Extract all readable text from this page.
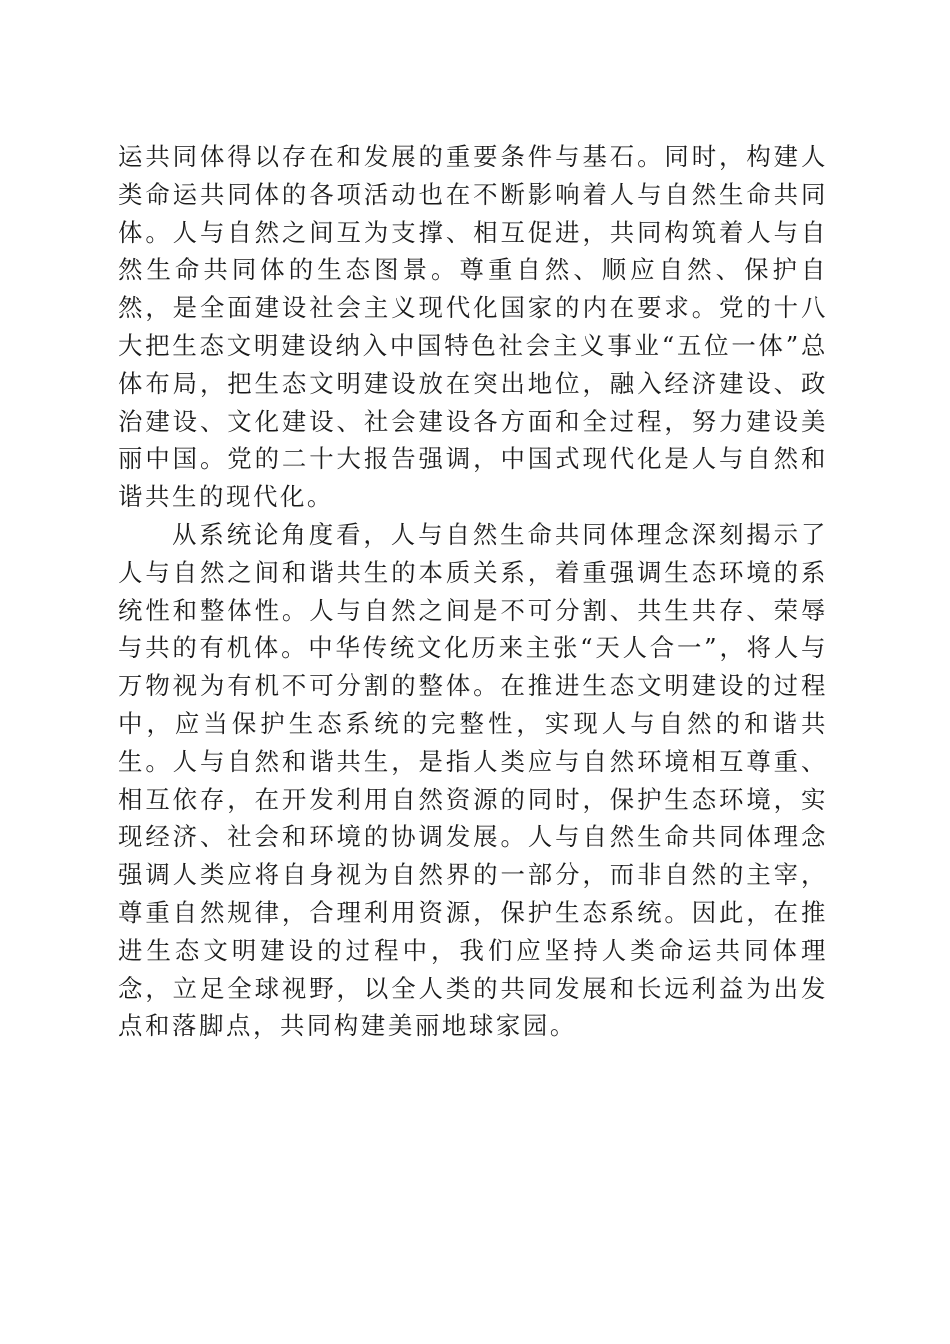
运共同体得以存在和发展的重要条件与基石。同时，构建人类命运共同体的各项活动也在不断影响着人与自然生命共同体。人与自然之间互为支撑、相互促进，共同构筑着人与自然生命共同体的生态图景。尊重自然、顺应自然、保护自然，是全面建设社会主义现代化国家的内在要求。党的十八大把生态文明建设纳入中国特色社会主义事业“五位一体”总体布局，把生态文明建设放在突出地位，融入经济建设、政治建设、文化建设、社会建设各方面和全过程，努力建设美丽中国。党的二十大报告强调，中国式现代化是人与自然和谐共生的现代化。

从系统论角度看，人与自然生命共同体理念深刻揭示了人与自然之间和谐共生的本质关系，着重强调生态环境的系统性和整体性。人与自然之间是不可分割、共生共存、荣辱与共的有机体。中华传统文化历来主张“天人合一”，将人与万物视为有机不可分割的整体。在推进生态文明建设的过程中，应当保护生态系统的完整性，实现人与自然的和谐共生。人与自然和谐共生，是指人类应与自然环境相互尊重、相互依存，在开发利用自然资源的同时，保护生态环境，实现经济、社会和环境的协调发展。人与自然生命共同体理念强调人类应将自身视为自然界的一部分，而非自然的主宰，尊重自然规律，合理利用资源，保护生态系统。因此，在推进生态文明建设的过程中，我们应坚持人类命运共同体理念，立足全球视野，以全人类的共同发展和长远利益为出发点和落脚点，共同构建美丽地球家园。
